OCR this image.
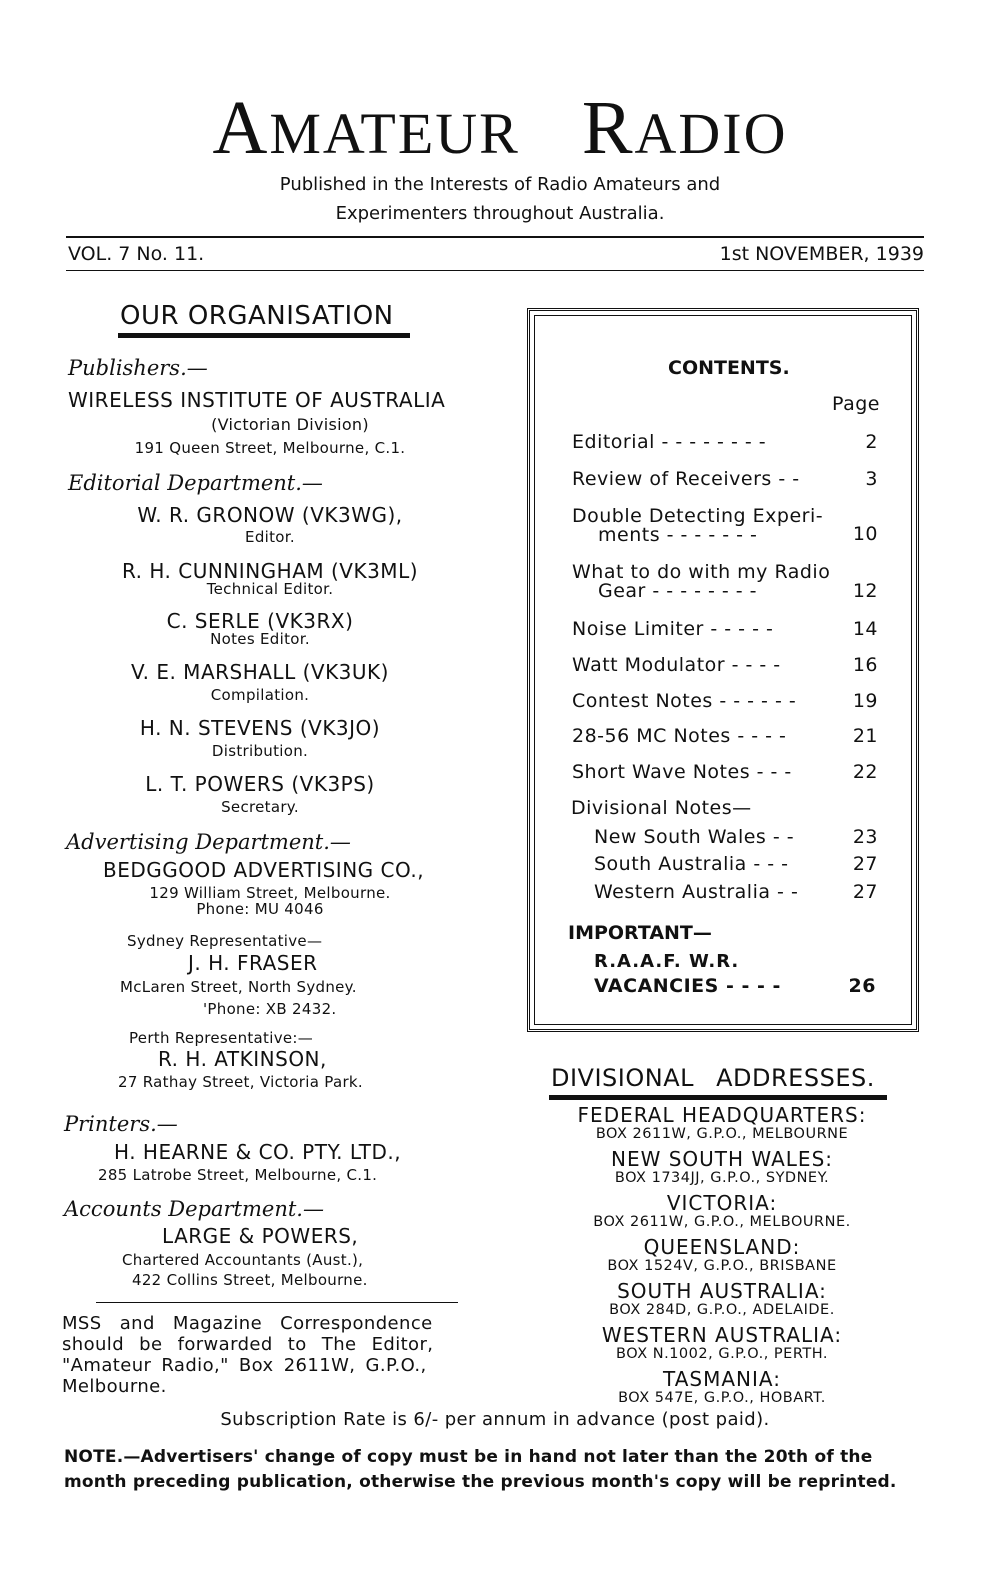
AMATEUR RADIO
Published in the Interests of Radio Amateurs and
Experimenters throughout Australia.
VOL. 7 No. 11.	1st NOVEMBER, 1939
OUR ORGANISATION
Publishers.—
WIRELESS INSTITUTE OF AUSTRALIA
(Victorian Division)
191 Queen Street, Melbourne, C.1.
Editorial Department.—
W. R. GRONOW (VK3WG),
Editor.
R. H. CUNNINGHAM (VK3ML)
Technical Editor.
C. SERLE (VK3RX)
Notes Editor.
V. E. MARSHALL (VK3UK)
Compilation.
H. N. STEVENS (VK3JO)
Distribution.
L. T. POWERS (VK3PS)
Secretary.
Advertising Department.—
BEDGGOOD ADVERTISING CO.,
129 William Street, Melbourne.
Phone: MU 4046
Sydney Representative—
J. H. FRASER
McLaren Street, North Sydney.
'Phone: XB 2432.
Perth Representative:—
R. H. ATKINSON,
27 Rathay Street, Victoria Park.
Printers.—
H. HEARNE & CO. PTY. LTD.,
285 Latrobe Street, Melbourne, C.1.
Accounts Department.—
LARGE & POWERS,
Chartered Accountants (Aust.),
422 Collins Street, Melbourne.
MSS and Magazine Correspondence
should be forwarded to The Editor,
"Amateur Radio," Box 2611W, G.P.O.,
Melbourne.
CONTENTS.
Page
Editorial - - - - - - - -	2
Review of Receivers - -	3
Double Detecting Experi-
ments - - - - - - -	10
What to do with my Radio
Gear - - - - - - - -	12
Noise Limiter - - - - -	14
Watt Modulator - - - -	16
Contest Notes - - - - - -	19
28-56 MC Notes - - - -	21
Short Wave Notes - - -	22
Divisional Notes—
New South Wales - -	23
South Australia - - -	27
Western Australia - -	27
IMPORTANT—
R.A.A.F. W.R.
VACANCIES - - - -	26
DIVISIONAL ADDRESSES.
FEDERAL HEADQUARTERS:
BOX 2611W, G.P.O., MELBOURNE
NEW SOUTH WALES:
BOX 1734JJ, G.P.O., SYDNEY.
VICTORIA:
BOX 2611W, G.P.O., MELBOURNE.
QUEENSLAND:
BOX 1524V, G.P.O., BRISBANE
SOUTH AUSTRALIA:
BOX 284D, G.P.O., ADELAIDE.
WESTERN AUSTRALIA:
BOX N.1002, G.P.O., PERTH.
TASMANIA:
BOX 547E, G.P.O., HOBART.
Subscription Rate is 6/- per annum in advance (post paid).
NOTE.—Advertisers' change of copy must be in hand not later than the 20th of the
month preceding publication, otherwise the previous month's copy will be reprinted.
